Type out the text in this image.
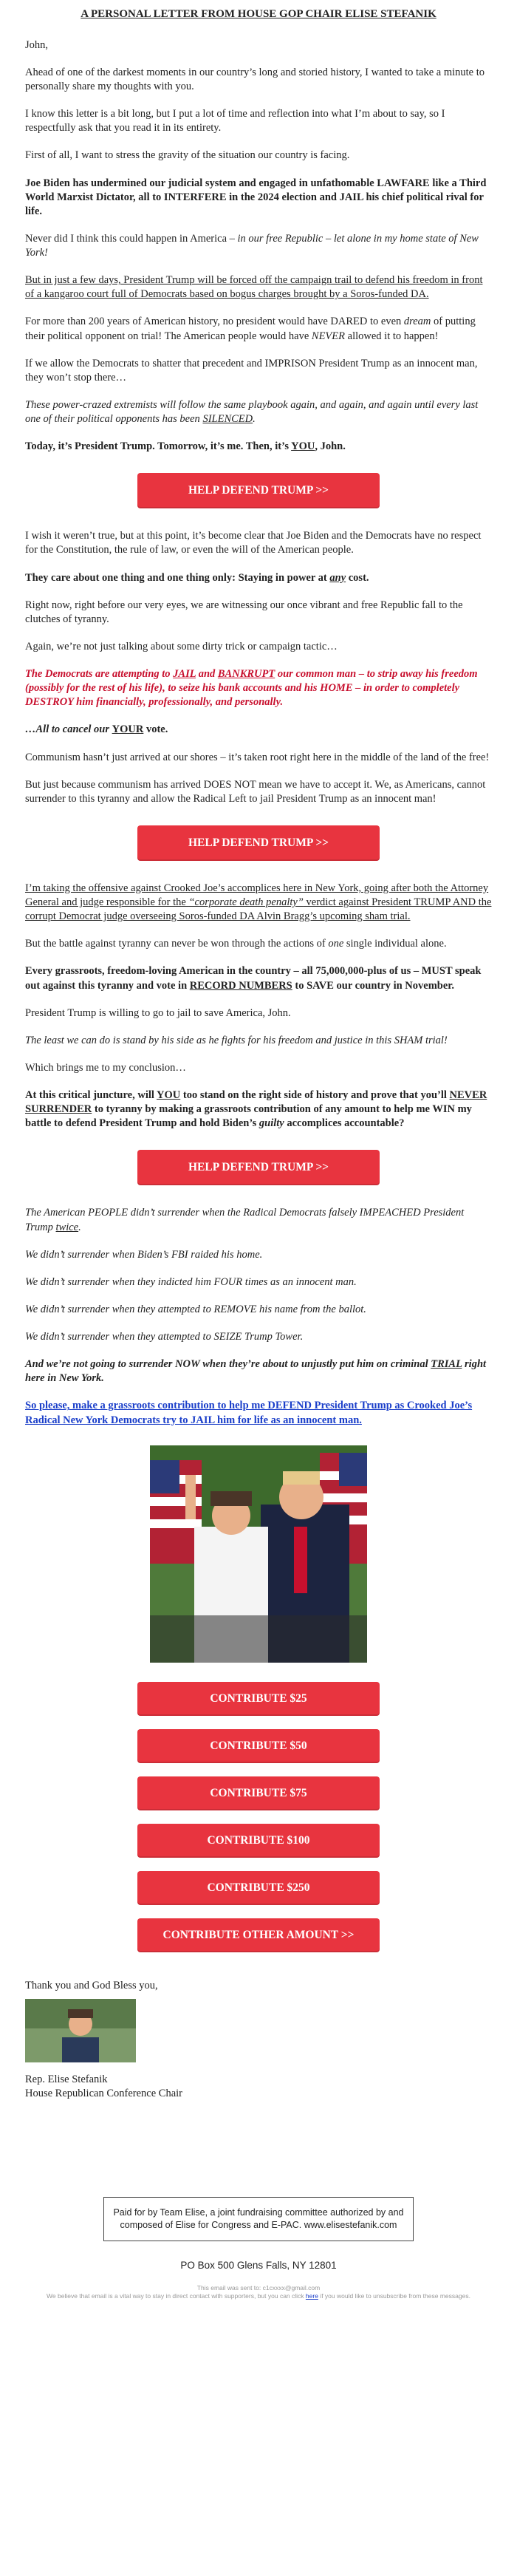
A PERSONAL LETTER FROM HOUSE GOP CHAIR ELISE STEFANIK

John,

Ahead of one of the darkest moments in our country’s long and storied history, I wanted to take a minute to personally share my thoughts with you.

I know this letter is a bit long, but I put a lot of time and reflection into what I’m about to say, so I respectfully ask that you read it in its entirety.

First of all, I want to stress the gravity of the situation our country is facing.

Joe Biden has undermined our judicial system and engaged in unfathomable LAWFARE like a Third World Marxist Dictator, all to INTERFERE in the 2024 election and JAIL his chief political rival for life.

Never did I think this could happen in America – in our free Republic – let alone in my home state of New York!

But in just a few days, President Trump will be forced off the campaign trail to defend his freedom in front of a kangaroo court full of Democrats based on bogus charges brought by a Soros-funded DA.

For more than 200 years of American history, no president would have DARED to even dream of putting their political opponent on trial! The American people would have NEVER allowed it to happen!

If we allow the Democrats to shatter that precedent and IMPRISON President Trump as an innocent man, they won’t stop there…

These power-crazed extremists will follow the same playbook again, and again, and again until every last one of their political opponents has been SILENCED.

Today, it’s President Trump. Tomorrow, it’s me. Then, it’s YOU, John.

HELP DEFEND TRUMP >>

I wish it weren’t true, but at this point, it’s become clear that Joe Biden and the Democrats have no respect for the Constitution, the rule of law, or even the will of the American people.

They care about one thing and one thing only: Staying in power at any cost.

Right now, right before our very eyes, we are witnessing our once vibrant and free Republic fall to the clutches of tyranny.

Again, we’re not just talking about some dirty trick or campaign tactic…

The Democrats are attempting to JAIL and BANKRUPT our common man – to strip away his freedom (possibly for the rest of his life), to seize his bank accounts and his HOME – in order to completely DESTROY him financially, professionally, and personally.

…All to cancel our YOUR vote.

Communism hasn’t just arrived at our shores – it’s taken root right here in the middle of the land of the free!

But just because communism has arrived DOES NOT mean we have to accept it. We, as Americans, cannot surrender to this tyranny and allow the Radical Left to jail President Trump as an innocent man!

HELP DEFEND TRUMP >>

I’m taking the offensive against Crooked Joe’s accomplices here in New York, going after both the Attorney General and judge responsible for the “corporate death penalty” verdict against President TRUMP AND the corrupt Democrat judge overseeing Soros-funded DA Alvin Bragg’s upcoming sham trial.

But the battle against tyranny can never be won through the actions of one single individual alone.

Every grassroots, freedom-loving American in the country – all 75,000,000-plus of us – MUST speak out against this tyranny and vote in RECORD NUMBERS to SAVE our country in November.

President Trump is willing to go to jail to save America, John.

The least we can do is stand by his side as he fights for his freedom and justice in this SHAM trial!

Which brings me to my conclusion…

At this critical juncture, will YOU too stand on the right side of history and prove that you’ll NEVER SURRENDER to tyranny by making a grassroots contribution of any amount to help me WIN my battle to defend President Trump and hold Biden’s guilty accomplices accountable?

HELP DEFEND TRUMP >>

The American PEOPLE didn’t surrender when the Radical Democrats falsely IMPEACHED President Trump twice.

We didn’t surrender when Biden’s FBI raided his home.

We didn’t surrender when they indicted him FOUR times as an innocent man.

We didn’t surrender when they attempted to REMOVE his name from the ballot.

We didn’t surrender when they attempted to SEIZE Trump Tower.

And we’re not going to surrender NOW when they’re about to unjustly put him on criminal TRIAL right here in New York.

So please, make a grassroots contribution to help me DEFEND President Trump as Crooked Joe’s Radical New York Democrats try to JAIL him for life as an innocent man.

CONTRIBUTE $25
CONTRIBUTE $50
CONTRIBUTE $75
CONTRIBUTE $100
CONTRIBUTE $250
CONTRIBUTE OTHER AMOUNT >>

Thank you and God Bless you,

Rep. Elise Stefanik
House Republican Conference Chair
Paid for by Team Elise, a joint fundraising committee authorized by and composed of Elise for Congress and E-PAC. www.elisestefanik.com
PO Box 500 Glens Falls, NY 12801
This email was sent to: c1cxxxx@gmail.com
We believe that email is a vital way to stay in direct contact with supporters, but you can click here if you would like to unsubscribe from these messages.
